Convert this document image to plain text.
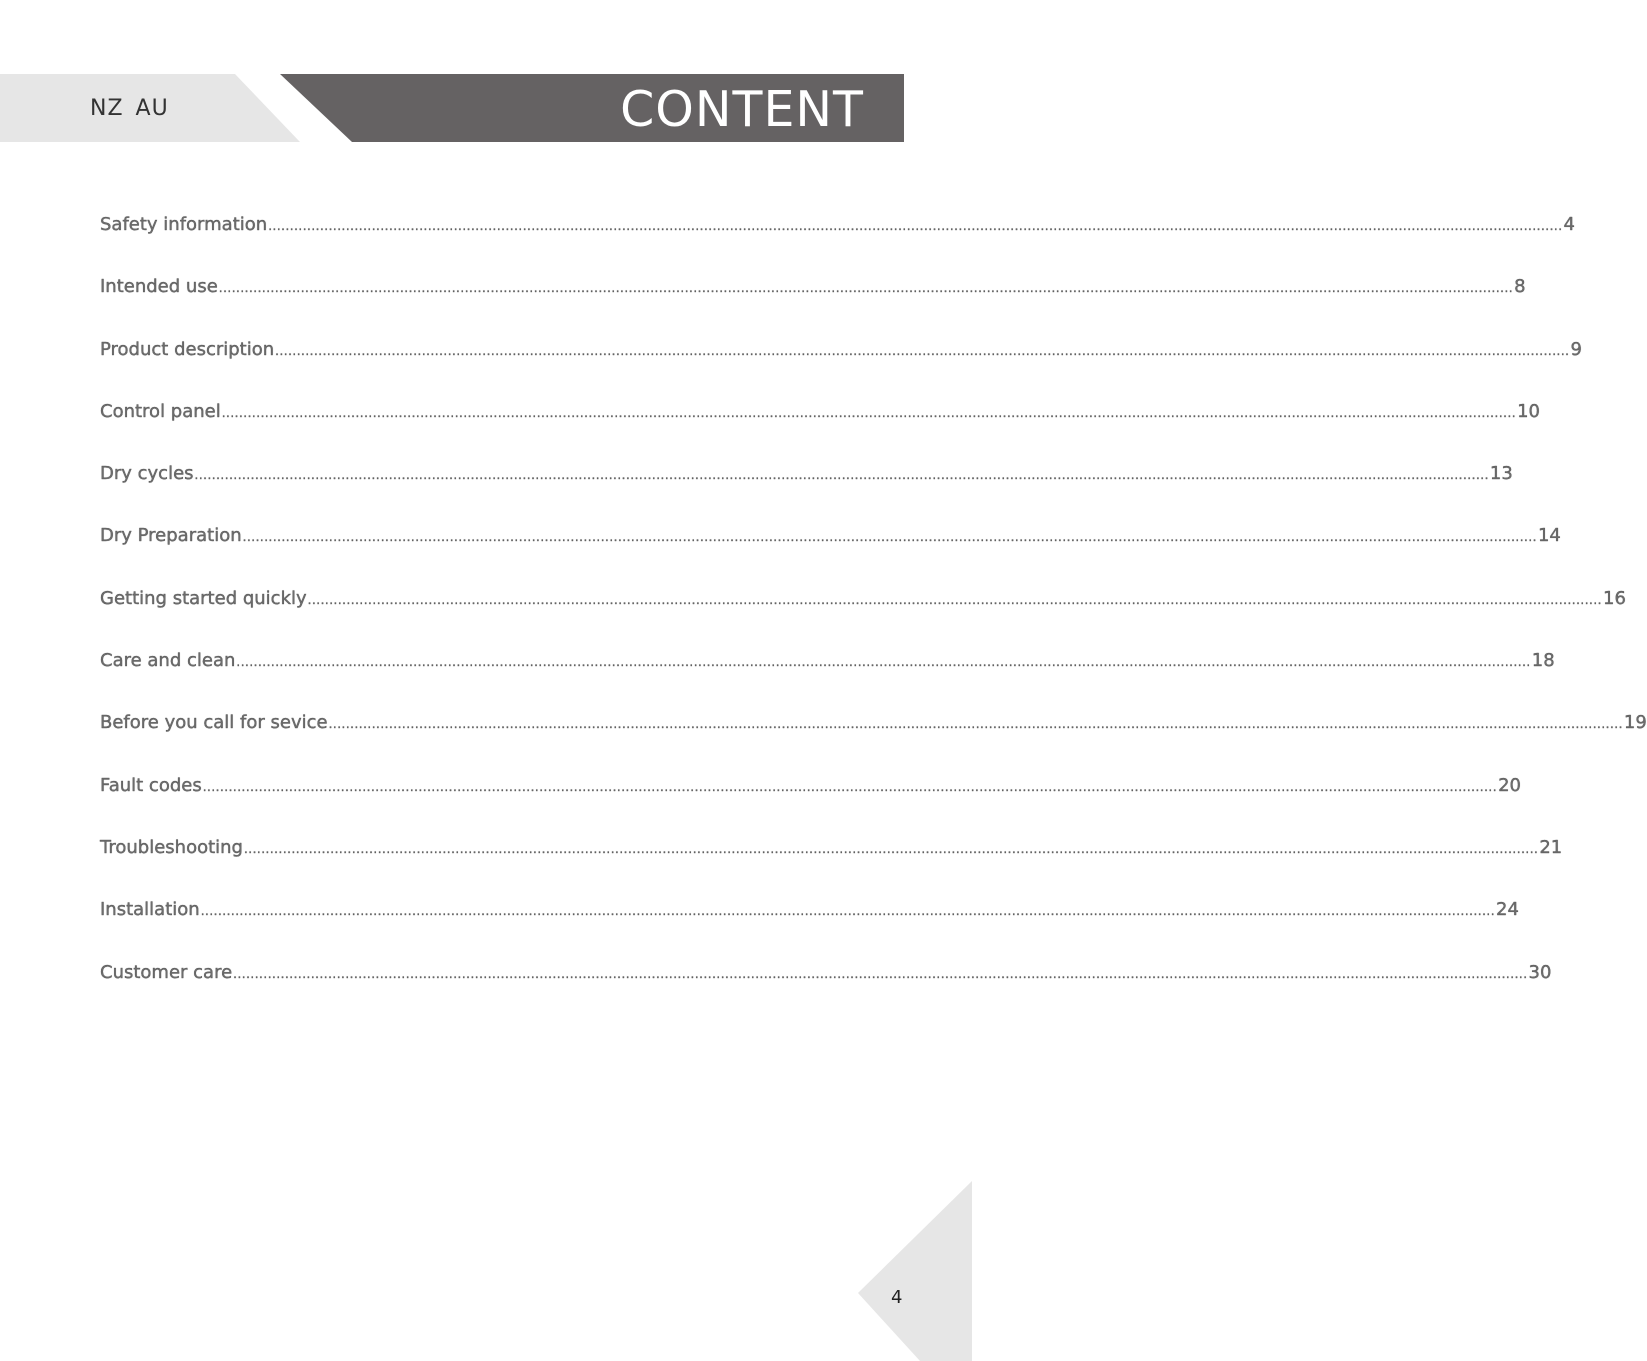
NZ AU	CONTENT
Safety information ............................................................................................................................................................................................................................................................................................................ 4
Intended use ............................................................................................................................................................................................................................................................................................................ 8
Product description ............................................................................................................................................................................................................................................................................................................ 9
Control panel ............................................................................................................................................................................................................................................................................................................ 10
Dry cycles ............................................................................................................................................................................................................................................................................................................ 13
Dry Preparation ............................................................................................................................................................................................................................................................................................................ 14
Getting started quickly ............................................................................................................................................................................................................................................................................................................ 16
Care and clean ............................................................................................................................................................................................................................................................................................................ 18
Before you call for sevice ............................................................................................................................................................................................................................................................................................................ 19
Fault codes ............................................................................................................................................................................................................................................................................................................ 20
Troubleshooting ............................................................................................................................................................................................................................................................................................................ 21
Installation ............................................................................................................................................................................................................................................................................................................ 24
Customer care ............................................................................................................................................................................................................................................................................................................ 30
4
